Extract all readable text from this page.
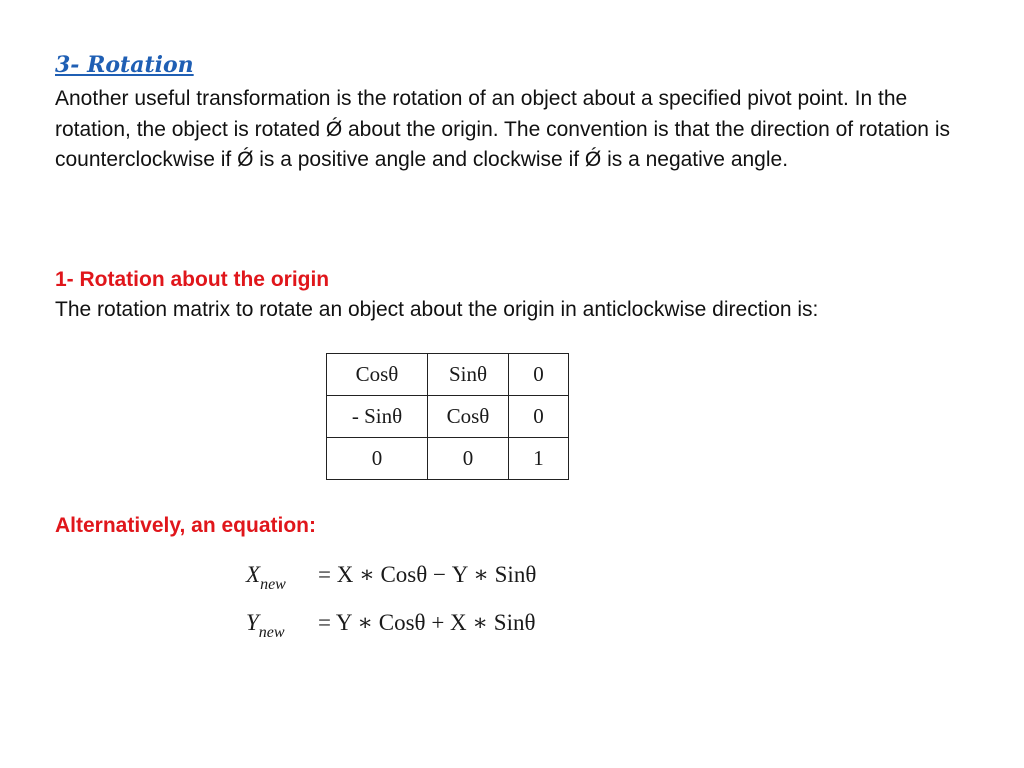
3- Rotation

Another useful transformation is the rotation of an object about a specified pivot point. In the rotation, the object is rotated Ǿ about the origin. The convention is that the direction of rotation is counterclockwise if Ǿ is a positive angle and clockwise if Ǿ is a negative angle.

1- Rotation about the origin

The rotation matrix to rotate an object about the origin in anticlockwise direction is:

Cosθ	Sinθ	0
- Sinθ	Cosθ	0
0	0	1

Alternatively, an equation:

$X_{new}$	= X ∗ Cosθ − Y ∗ Sinθ
$Y_{new}$	= Y ∗ Cosθ + X ∗ Sinθ
